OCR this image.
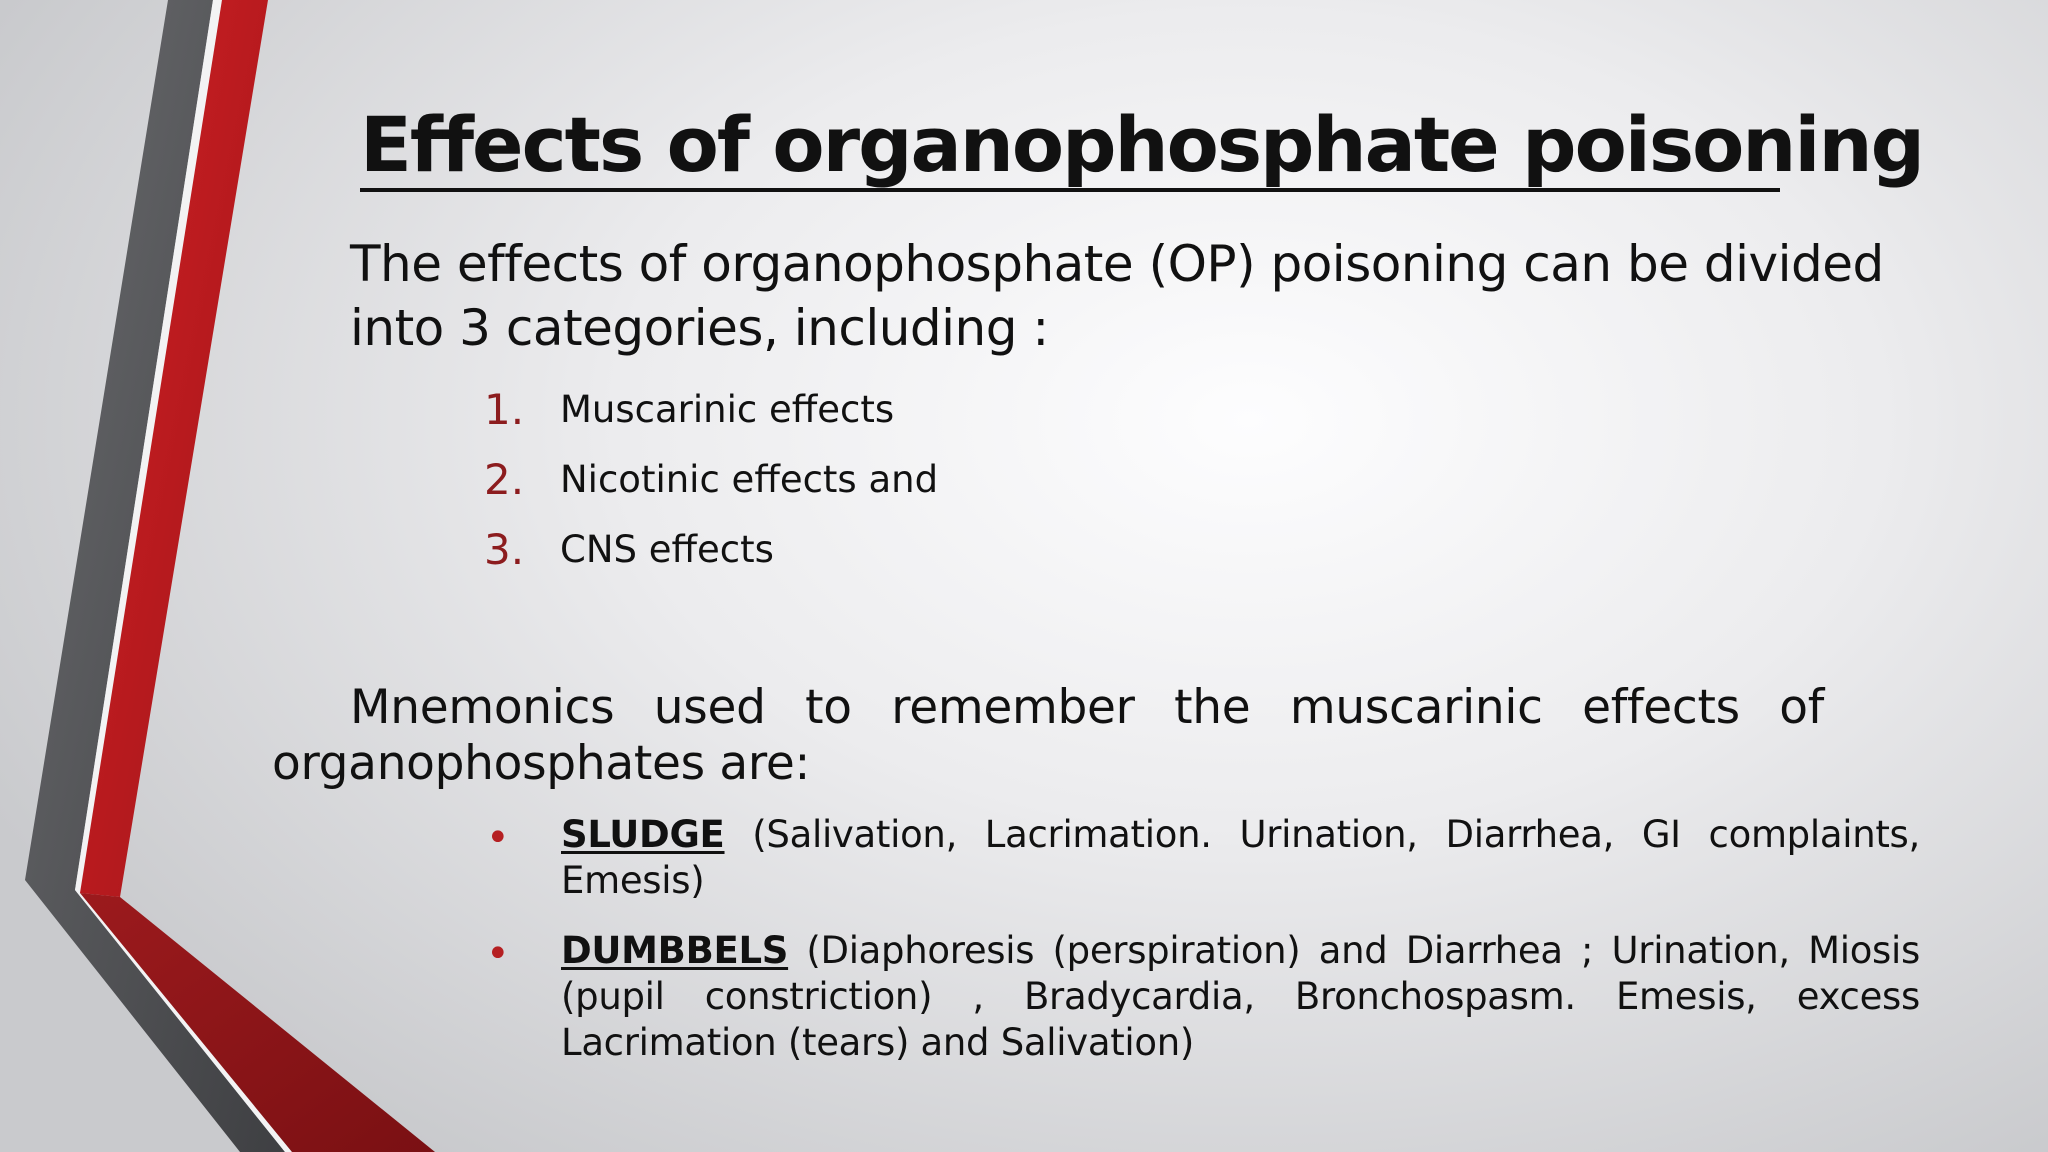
Effects of organophosphate poisoning
The effects of organophosphate (OP) poisoning can be divided into 3 categories, including :
1. Muscarinic effects
2. Nicotinic effects and
3. CNS effects
Mnemonics used to remember the muscarinic effects of organophosphates are:
• SLUDGE (Salivation, Lacrimation. Urination, Diarrhea, GI complaints, Emesis)
• DUMBBELS (Diaphoresis (perspiration) and Diarrhea ; Urination, Miosis (pupil constriction) , Bradycardia, Bronchospasm. Emesis, excess Lacrimation (tears) and Salivation)
